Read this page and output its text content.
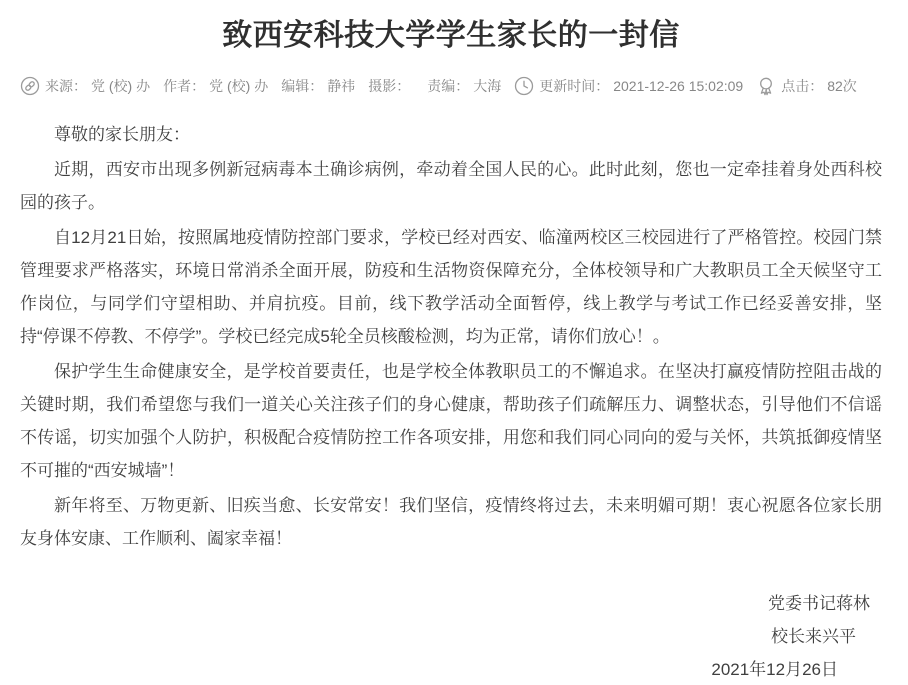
致西安科技大学学生家长的一封信
来源： 党 (校) 办 作者： 党 (校) 办 编辑： 静祎 摄影： 责编： 大海	更新时间： 2021-12-26 15:02:09	点击： 82次

尊敬的家长朋友：

近期，西安市出现多例新冠病毒本土确诊病例，牵动着全国人民的心。此时此刻，您也一定牵挂着身处西科校园的孩子。

自12月21日始，按照属地疫情防控部门要求，学校已经对西安、临潼两校区三校园进行了严格管控。校园门禁管理要求严格落实，环境日常消杀全面开展，防疫和生活物资保障充分，全体校领导和广大教职员工全天候坚守工作岗位，与同学们守望相助、并肩抗疫。目前，线下教学活动全面暂停，线上教学与考试工作已经妥善安排，坚持“停课不停教、不停学”。学校已经完成5轮全员核酸检测，均为正常，请你们放心！。

保护学生生命健康安全，是学校首要责任，也是学校全体教职员工的不懈追求。在坚决打赢疫情防控阻击战的关键时期，我们希望您与我们一道关心关注孩子们的身心健康，帮助孩子们疏解压力、调整状态，引导他们不信谣不传谣，切实加强个人防护，积极配合疫情防控工作各项安排，用您和我们同心同向的爱与关怀，共筑抵御疫情坚不可摧的“西安城墙”！

新年将至、万物更新、旧疾当愈、长安常安！我们坚信，疫情终将过去，未来明媚可期！衷心祝愿各位家长朋友身体安康、工作顺利、阖家幸福！

党委书记蒋林
校长来兴平
2021年12月26日
